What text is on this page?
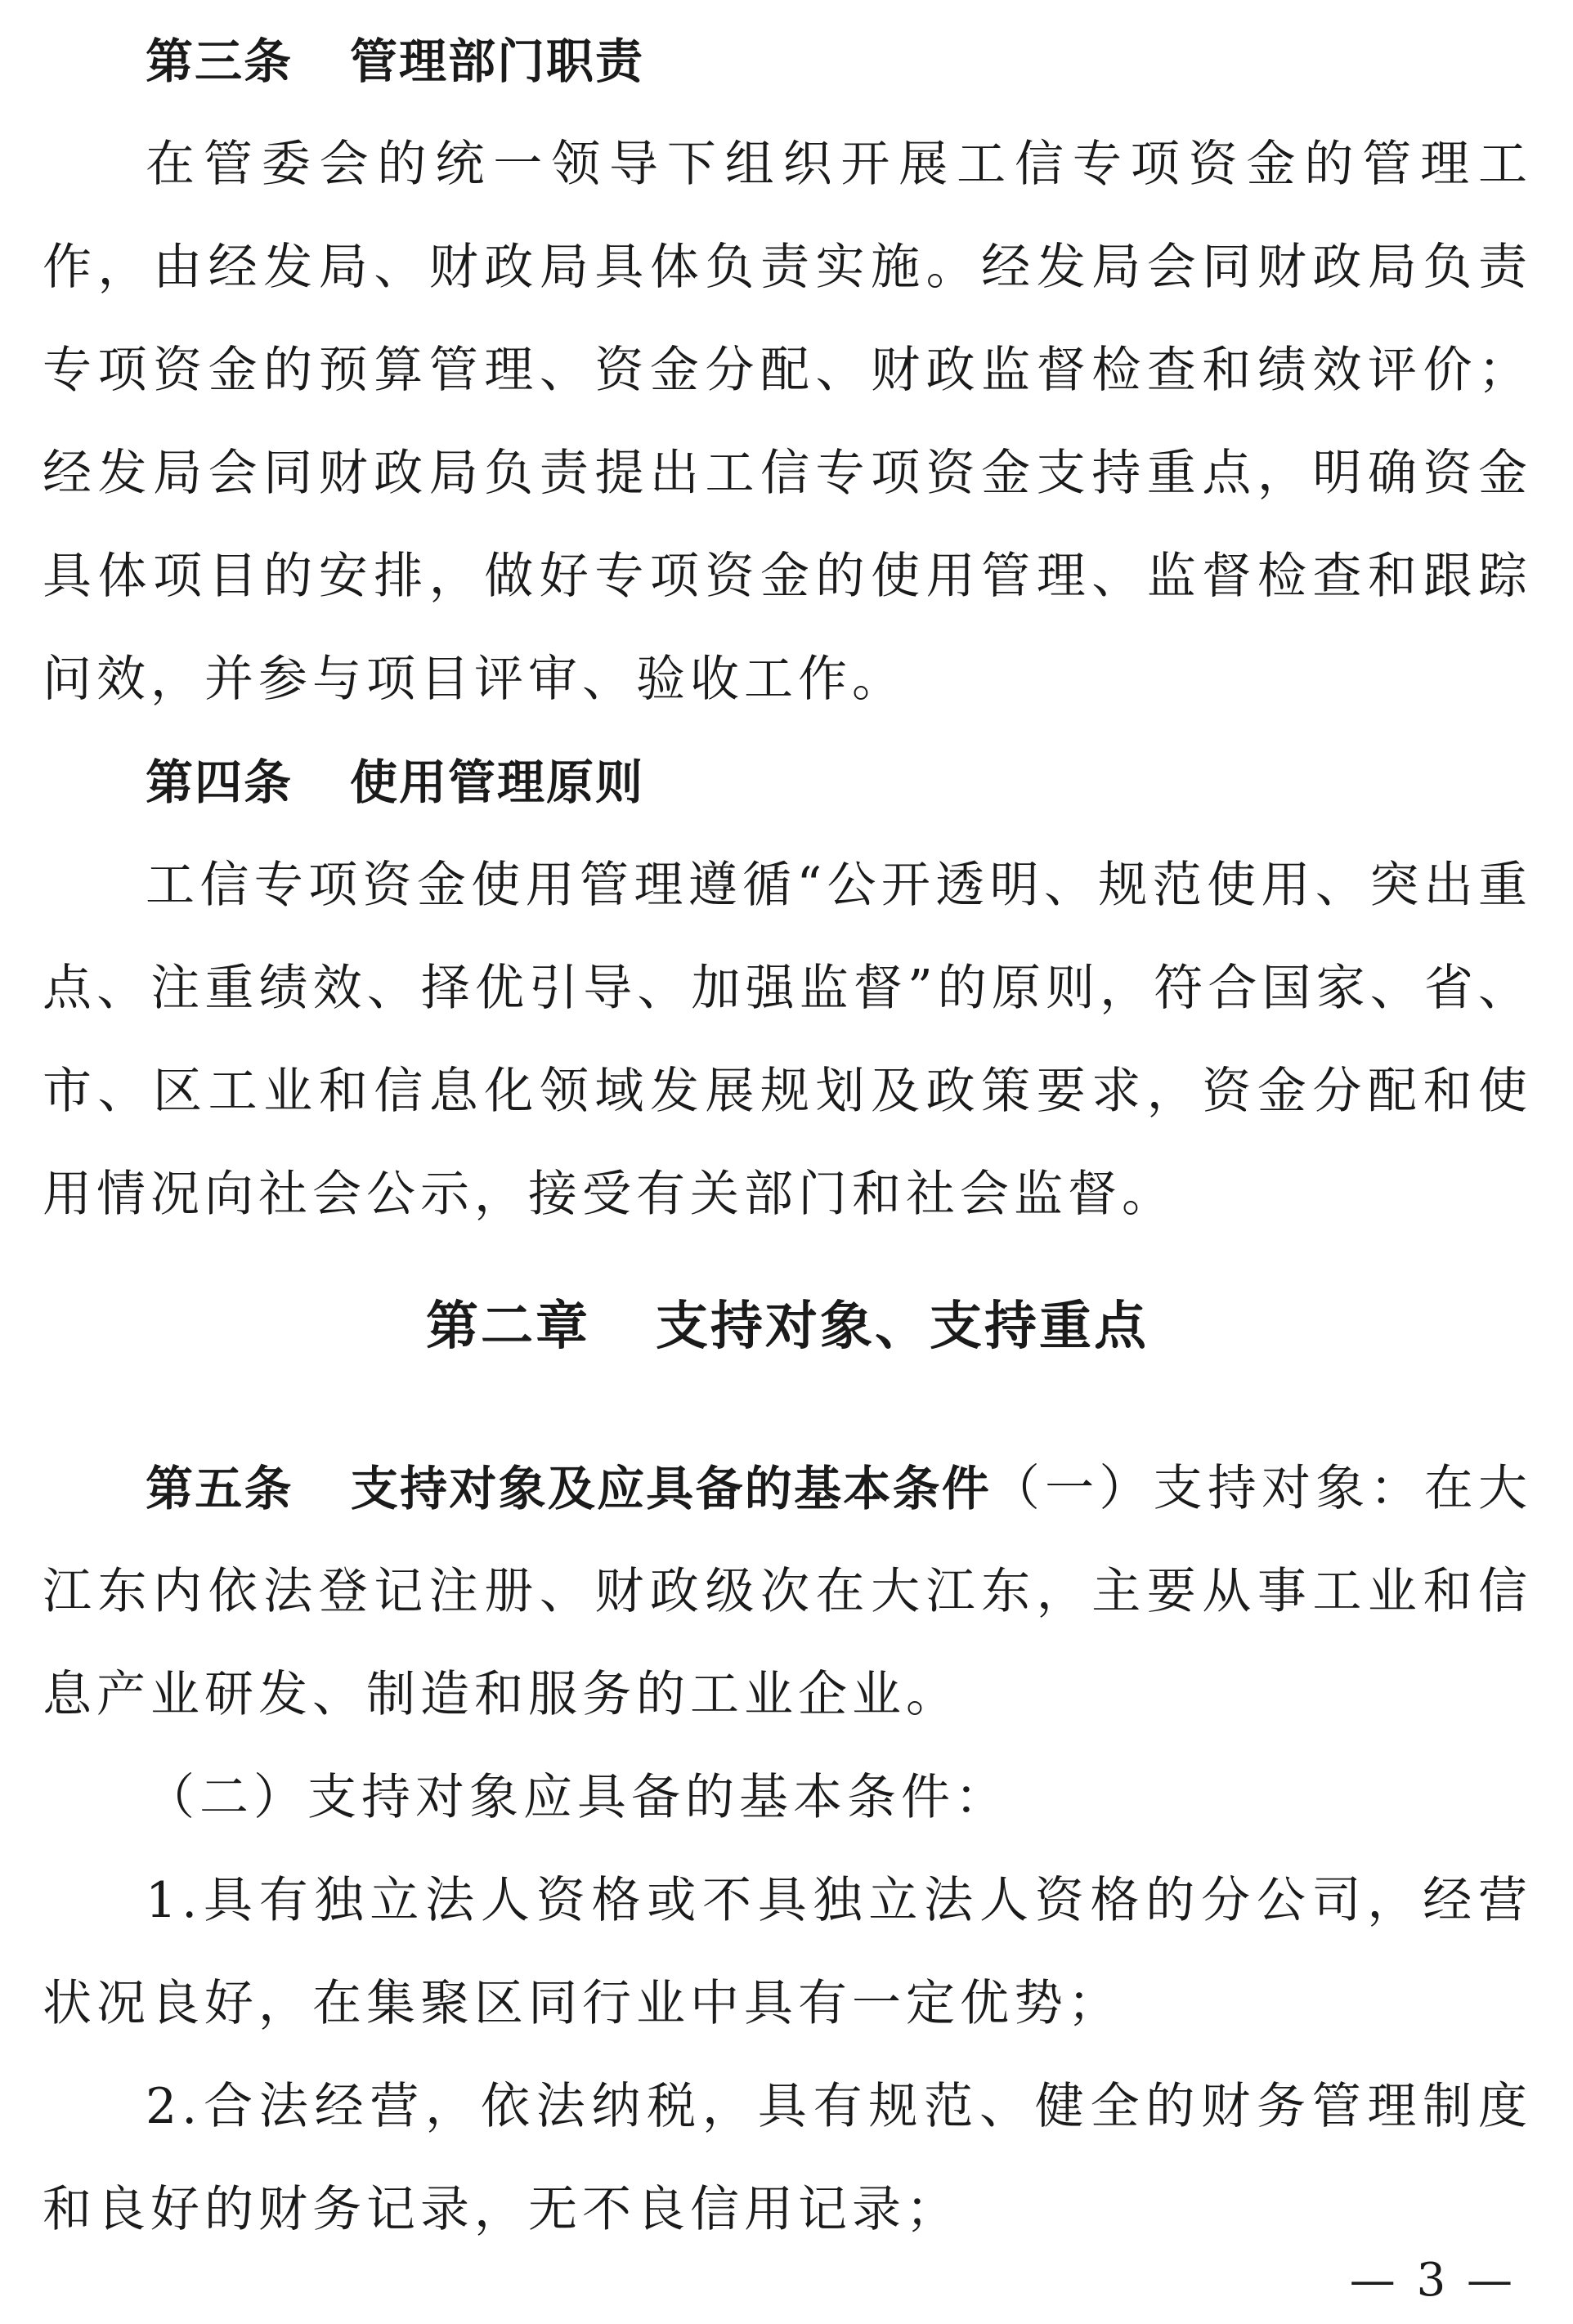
第三条 管理部门职责

在管委会的统一领导下组织开展工信专项资金的管理工作，由经发局、财政局具体负责实施。经发局会同财政局负责专项资金的预算管理、资金分配、财政监督检查和绩效评价；经发局会同财政局负责提出工信专项资金支持重点，明确资金具体项目的安排，做好专项资金的使用管理、监督检查和跟踪问效，并参与项目评审、验收工作。

第四条 使用管理原则

工信专项资金使用管理遵循“公开透明、规范使用、突出重点、注重绩效、择优引导、加强监督”的原则，符合国家、省、市、区工业和信息化领域发展规划及政策要求，资金分配和使用情况向社会公示，接受有关部门和社会监督。

第二章 支持对象、支持重点

第五条 支持对象及应具备的基本条件（一）支持对象：在大江东内依法登记注册、财政级次在大江东，主要从事工业和信息产业研发、制造和服务的工业企业。

（二）支持对象应具备的基本条件：

1.具有独立法人资格或不具独立法人资格的分公司，经营状况良好，在集聚区同行业中具有一定优势；

2.合法经营，依法纳税，具有规范、健全的财务管理制度和良好的财务记录，无不良信用记录；

— 3 —
